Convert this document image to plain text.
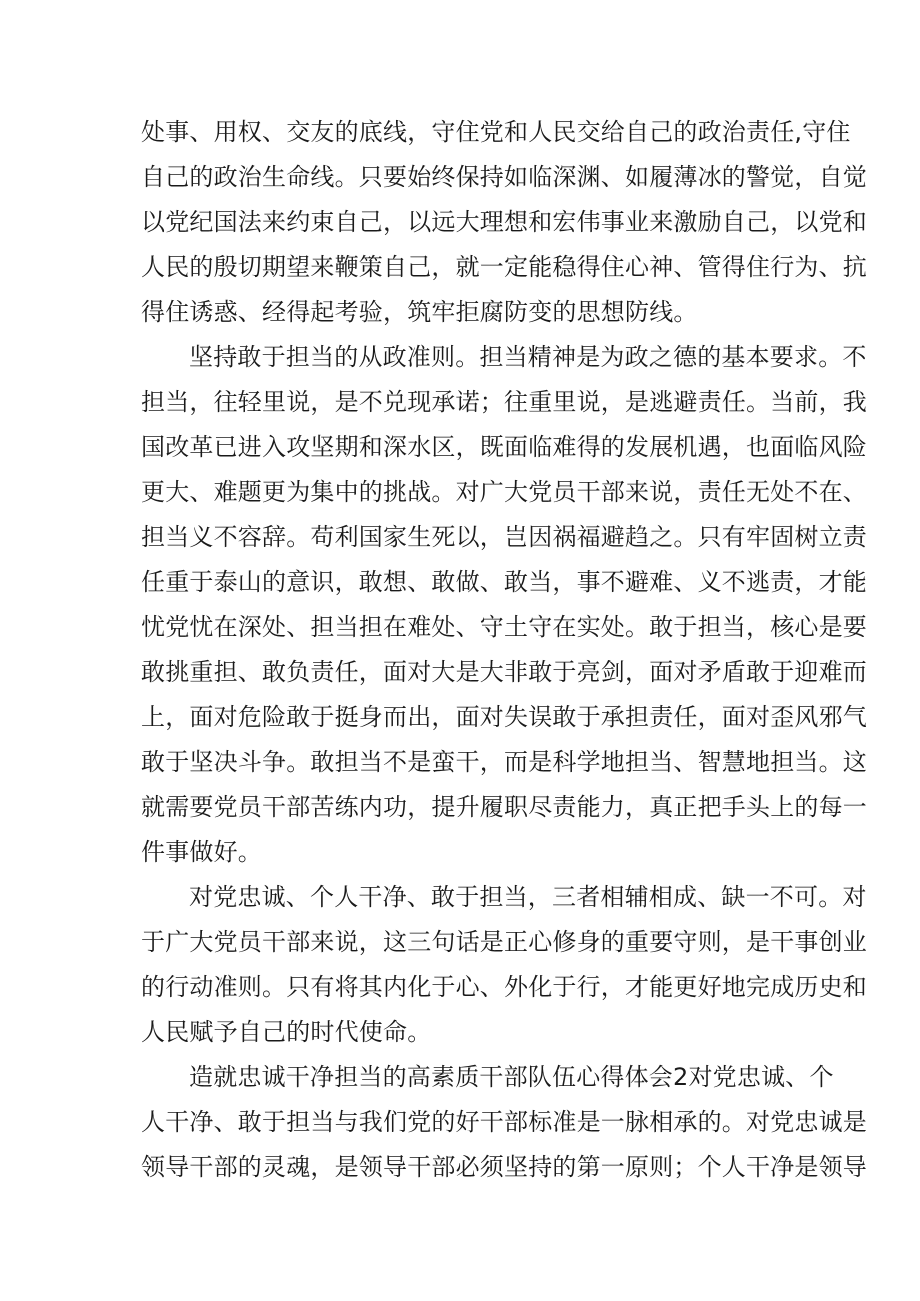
处事、用权、交友的底线，守住党和人民交给自己的政治责任,守住
自己的政治生命线。只要始终保持如临深渊、如履薄冰的警觉，自觉
以党纪国法来约束自己，以远大理想和宏伟事业来激励自己，以党和
人民的殷切期望来鞭策自己，就一定能稳得住心神、管得住行为、抗
得住诱惑、经得起考验，筑牢拒腐防变的思想防线。
坚持敢于担当的从政准则。担当精神是为政之德的基本要求。不
担当，往轻里说，是不兑现承诺；往重里说，是逃避责任。当前，我
国改革已进入攻坚期和深水区，既面临难得的发展机遇，也面临风险
更大、难题更为集中的挑战。对广大党员干部来说，责任无处不在、
担当义不容辞。苟利国家生死以，岂因祸福避趋之。只有牢固树立责
任重于泰山的意识，敢想、敢做、敢当，事不避难、义不逃责，才能
忧党忧在深处、担当担在难处、守土守在实处。敢于担当，核心是要
敢挑重担、敢负责任，面对大是大非敢于亮剑，面对矛盾敢于迎难而
上，面对危险敢于挺身而出，面对失误敢于承担责任，面对歪风邪气
敢于坚决斗争。敢担当不是蛮干，而是科学地担当、智慧地担当。这
就需要党员干部苦练内功，提升履职尽责能力，真正把手头上的每一
件事做好。
对党忠诚、个人干净、敢于担当，三者相辅相成、缺一不可。对
于广大党员干部来说，这三句话是正心修身的重要守则，是干事创业
的行动准则。只有将其内化于心、外化于行，才能更好地完成历史和
人民赋予自己的时代使命。
造就忠诚干净担当的高素质干部队伍心得体会2对党忠诚、个
人干净、敢于担当与我们党的好干部标准是一脉相承的。对党忠诚是
领导干部的灵魂，是领导干部必须坚持的第一原则；个人干净是领导
